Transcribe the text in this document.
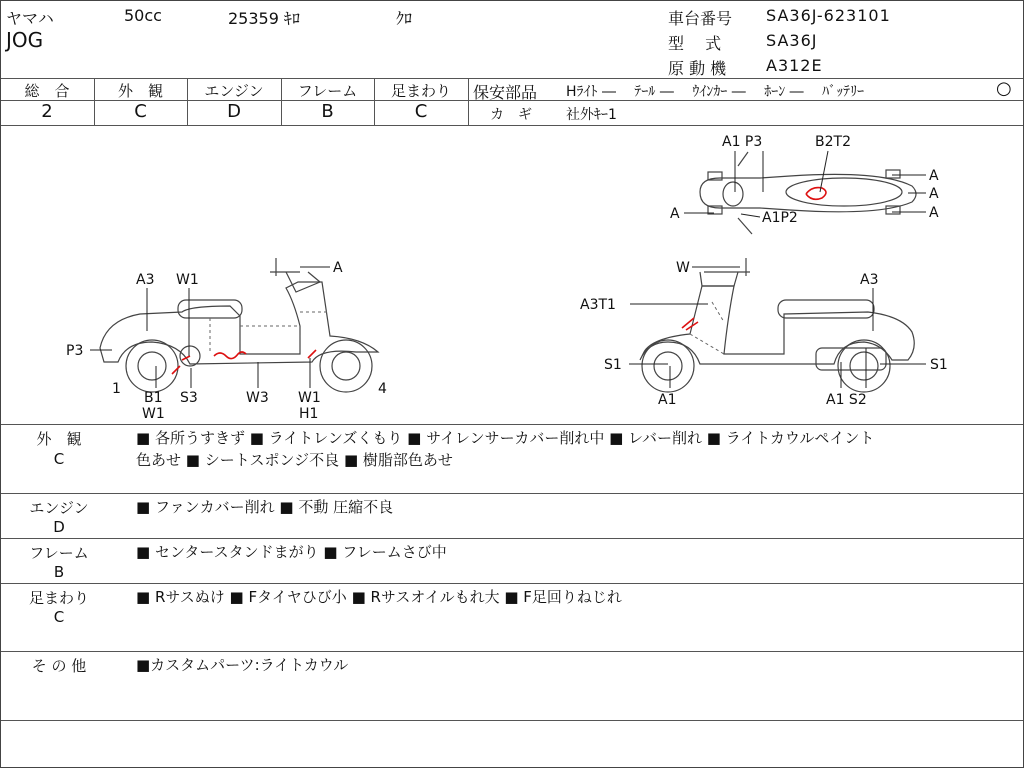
ヤマハ	50cc	25359 ｷﾛ	ｸﾛ
JOG
車台番号 SA36J-623101
型　 式	SA36J
原 動 機 A312E
総　合
2
外　観
C
エンジン
D
フレーム
B
足まわり
C
保安部品 Hﾗｲﾄ ―　 ﾃｰﾙ ―　 ｳｲﾝｶｰ ―　 ﾎｰﾝ ―　 ﾊﾞｯﾃﾘｰ	○
カ　ギ 社外ｷｰ1
A1 P3	B2T2
A
A
A
A	A1P2
A3 W1
A
P3
1	4
B1
W1
S3	W3 W1
H1
W
A3
A3T1
S1	S1
A1	A1 S2
外　観
C
■ 各所うすきず ■ ライトレンズくもり ■ サイレンサーカバー削れ中 ■ レバー削れ ■ ライトカウルペイント
色あせ ■ シートスポンジ不良 ■ 樹脂部色あせ
エンジン
D
■ ファンカバー削れ ■ 不動 圧縮不良
フレーム
B
■ センタースタンドまがり ■ フレームさび中
足まわり
C
■ Rサスぬけ ■ Fタイヤひび小 ■ Rサスオイルもれ大 ■ F足回りねじれ
そ の 他	■カスタムパーツ:ライトカウル
